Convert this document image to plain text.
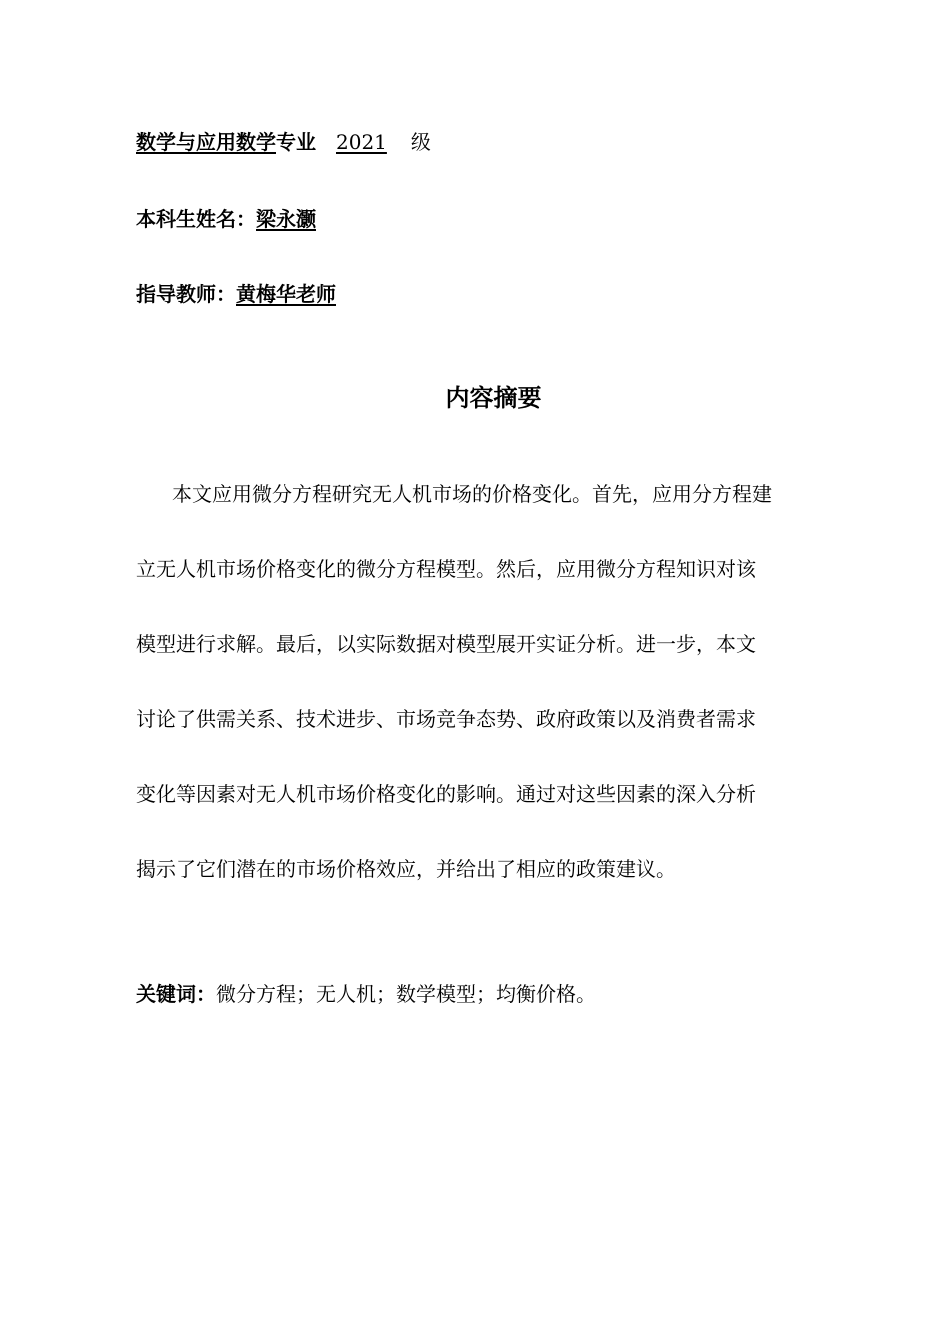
数学与应用数学专业 2021 级
本科生姓名：梁永灏
指导教师：黄梅华老师
内容摘要
本文应用微分方程研究无人机市场的价格变化。首先，应用分方程建
立无人机市场价格变化的微分方程模型。然后，应用微分方程知识对该
模型进行求解。最后，以实际数据对模型展开实证分析。进一步，本文
讨论了供需关系、技术进步、市场竞争态势、政府政策以及消费者需求
变化等因素对无人机市场价格变化的影响。通过对这些因素的深入分析
揭示了它们潜在的市场价格效应，并给出了相应的政策建议。
关键词：微分方程；无人机；数学模型；均衡价格。
